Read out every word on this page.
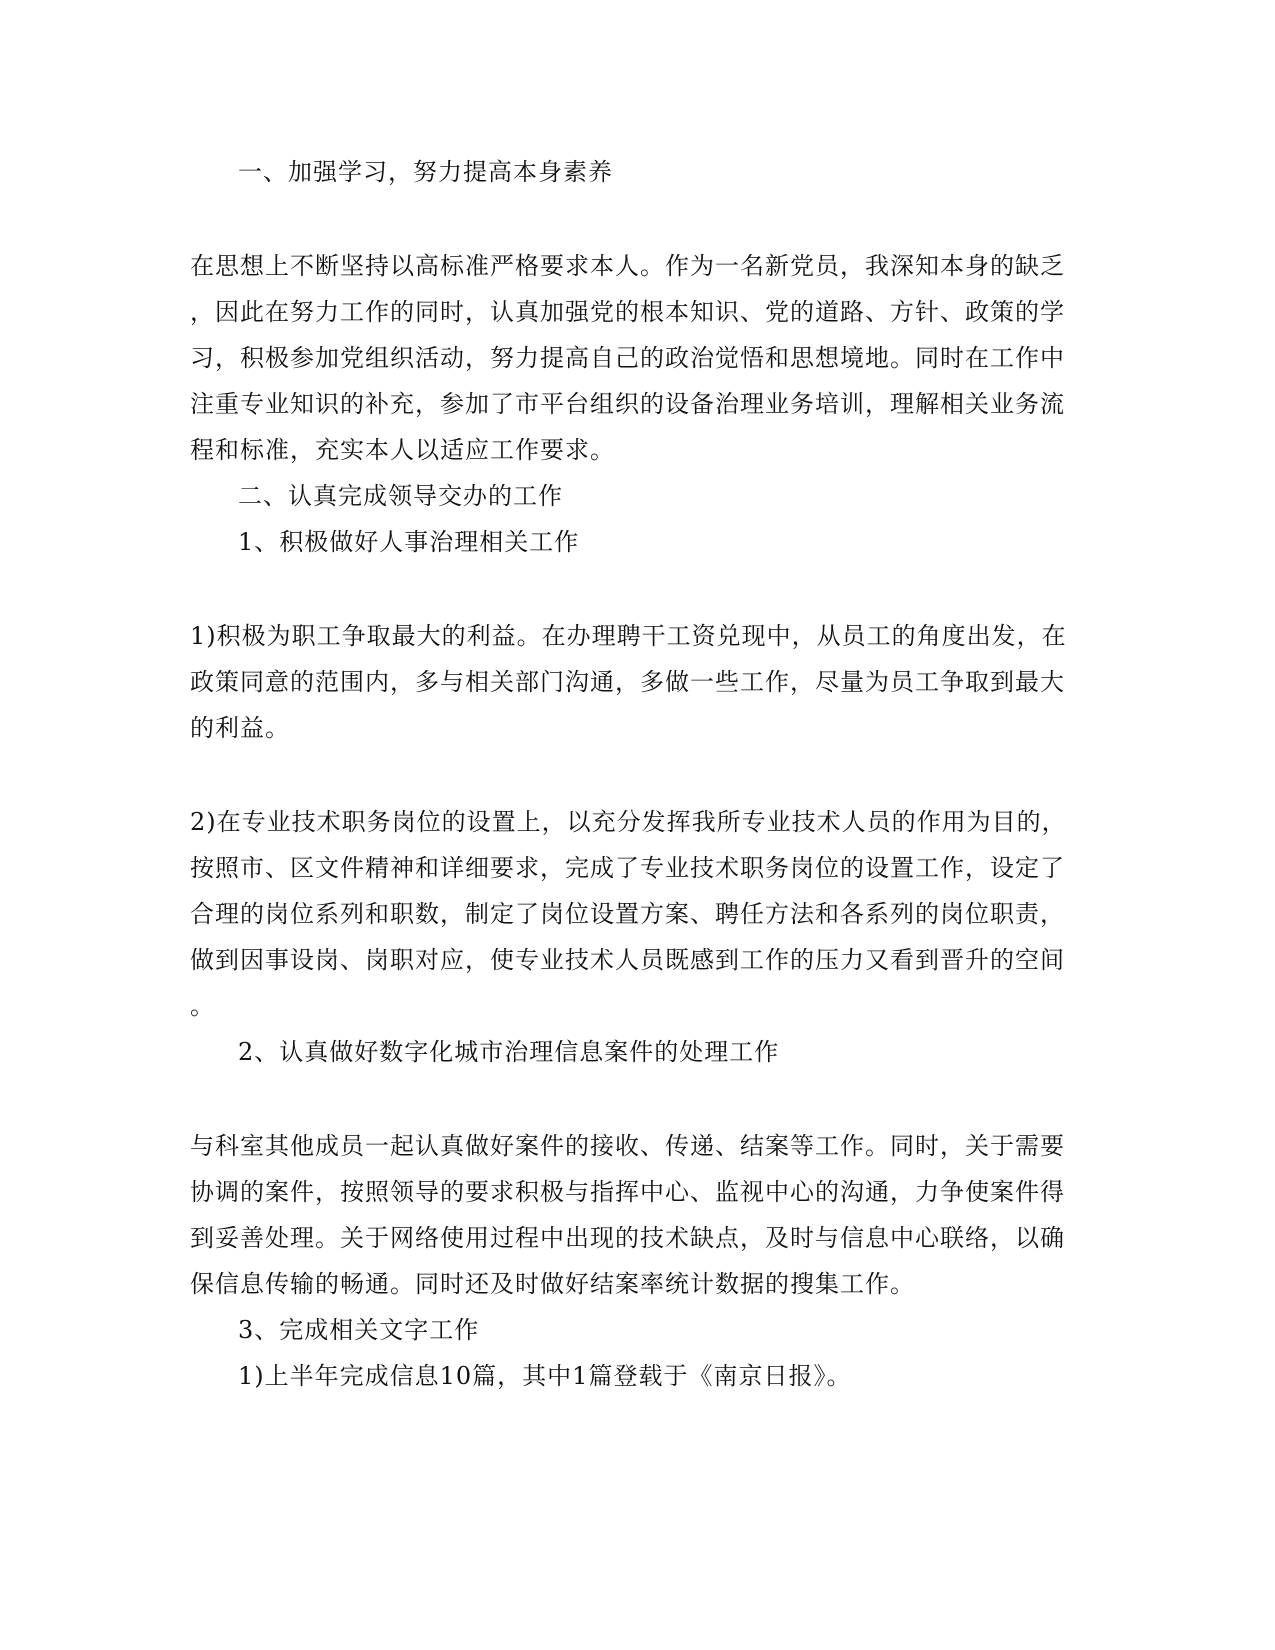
一、加强学习，努力提高本身素养
在思想上不断坚持以高标准严格要求本人。作为一名新党员，我深知本身的缺乏
，因此在努力工作的同时，认真加强党的根本知识、党的道路、方针、政策的学
习，积极参加党组织活动，努力提高自己的政治觉悟和思想境地。同时在工作中
注重专业知识的补充，参加了市平台组织的设备治理业务培训，理解相关业务流
程和标准，充实本人以适应工作要求。
二、认真完成领导交办的工作
1、积极做好人事治理相关工作
1)积极为职工争取最大的利益。在办理聘干工资兑现中，从员工的角度出发，在
政策同意的范围内，多与相关部门沟通，多做一些工作，尽量为员工争取到最大
的利益。
2)在专业技术职务岗位的设置上，以充分发挥我所专业技术人员的作用为目的，
按照市、区文件精神和详细要求，完成了专业技术职务岗位的设置工作，设定了
合理的岗位系列和职数，制定了岗位设置方案、聘任方法和各系列的岗位职责，
做到因事设岗、岗职对应，使专业技术人员既感到工作的压力又看到晋升的空间
。
2、认真做好数字化城市治理信息案件的处理工作
与科室其他成员一起认真做好案件的接收、传递、结案等工作。同时，关于需要
协调的案件，按照领导的要求积极与指挥中心、监视中心的沟通，力争使案件得
到妥善处理。关于网络使用过程中出现的技术缺点，及时与信息中心联络，以确
保信息传输的畅通。同时还及时做好结案率统计数据的搜集工作。
3、完成相关文字工作
1)上半年完成信息10篇，其中1篇登载于《南京日报》。
